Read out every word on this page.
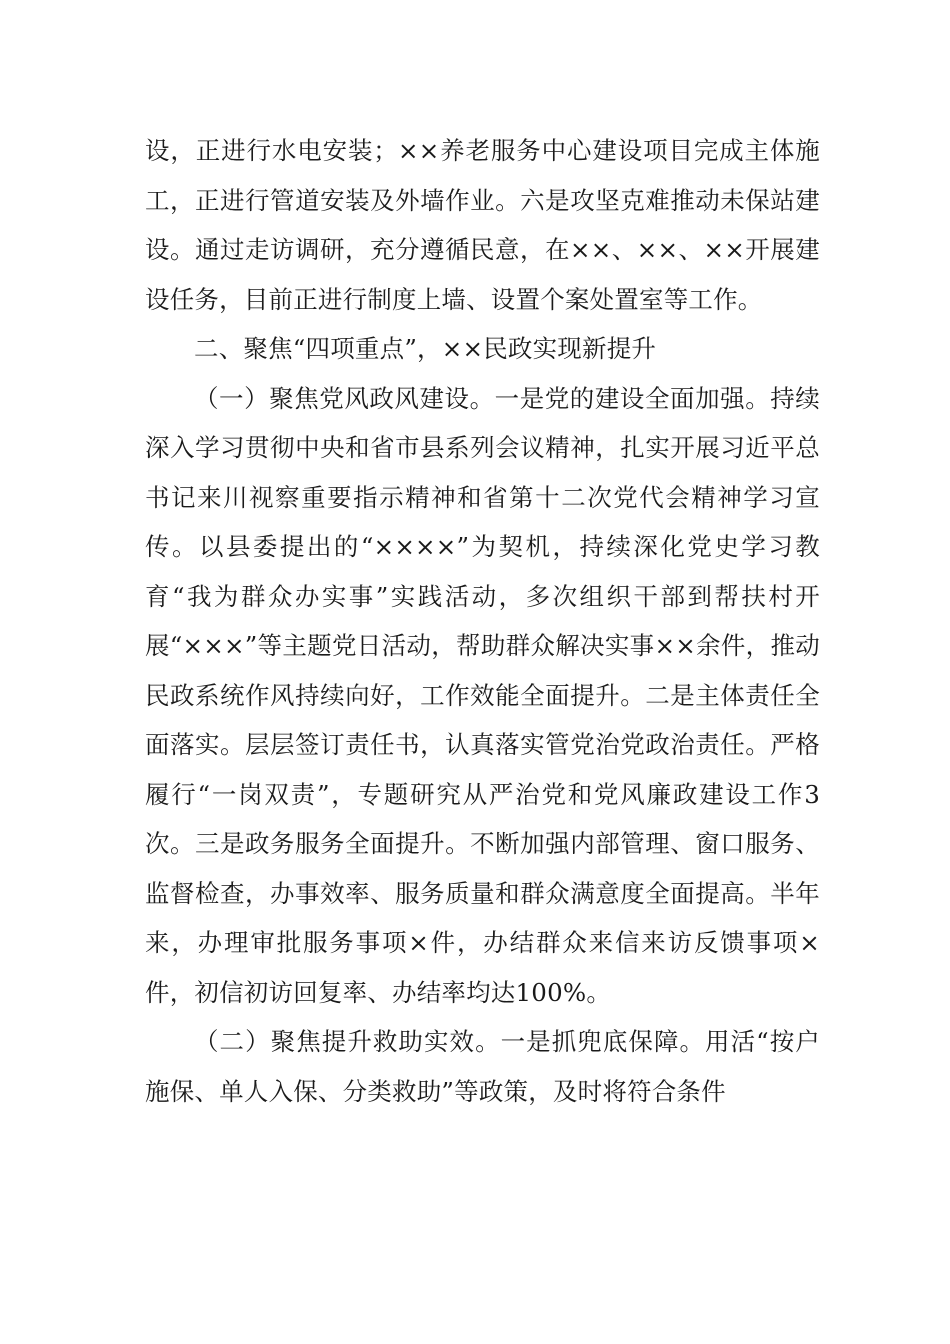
设，正进行水电安装；××养老服务中心建设项目完成主体施工，正进行管道安装及外墙作业。六是攻坚克难推动未保站建设。通过走访调研，充分遵循民意，在××、××、××开展建设任务，目前正进行制度上墙、设置个案处置室等工作。

二、聚焦“四项重点”，××民政实现新提升

（一）聚焦党风政风建设。一是党的建设全面加强。持续深入学习贯彻中央和省市县系列会议精神，扎实开展习近平总书记来川视察重要指示精神和省第十二次党代会精神学习宣传。以县委提出的“××××”为契机，持续深化党史学习教育“我为群众办实事”实践活动，多次组织干部到帮扶村开展“×××”等主题党日活动，帮助群众解决实事××余件，推动民政系统作风持续向好，工作效能全面提升。二是主体责任全面落实。层层签订责任书，认真落实管党治党政治责任。严格履行“一岗双责”，专题研究从严治党和党风廉政建设工作3次。三是政务服务全面提升。不断加强内部管理、窗口服务、监督检查，办事效率、服务质量和群众满意度全面提高。半年来，办理审批服务事项×件，办结群众来信来访反馈事项×件，初信初访回复率、办结率均达100%。

（二）聚焦提升救助实效。一是抓兜底保障。用活“按户施保、单人入保、分类救助”等政策，及时将符合条件
